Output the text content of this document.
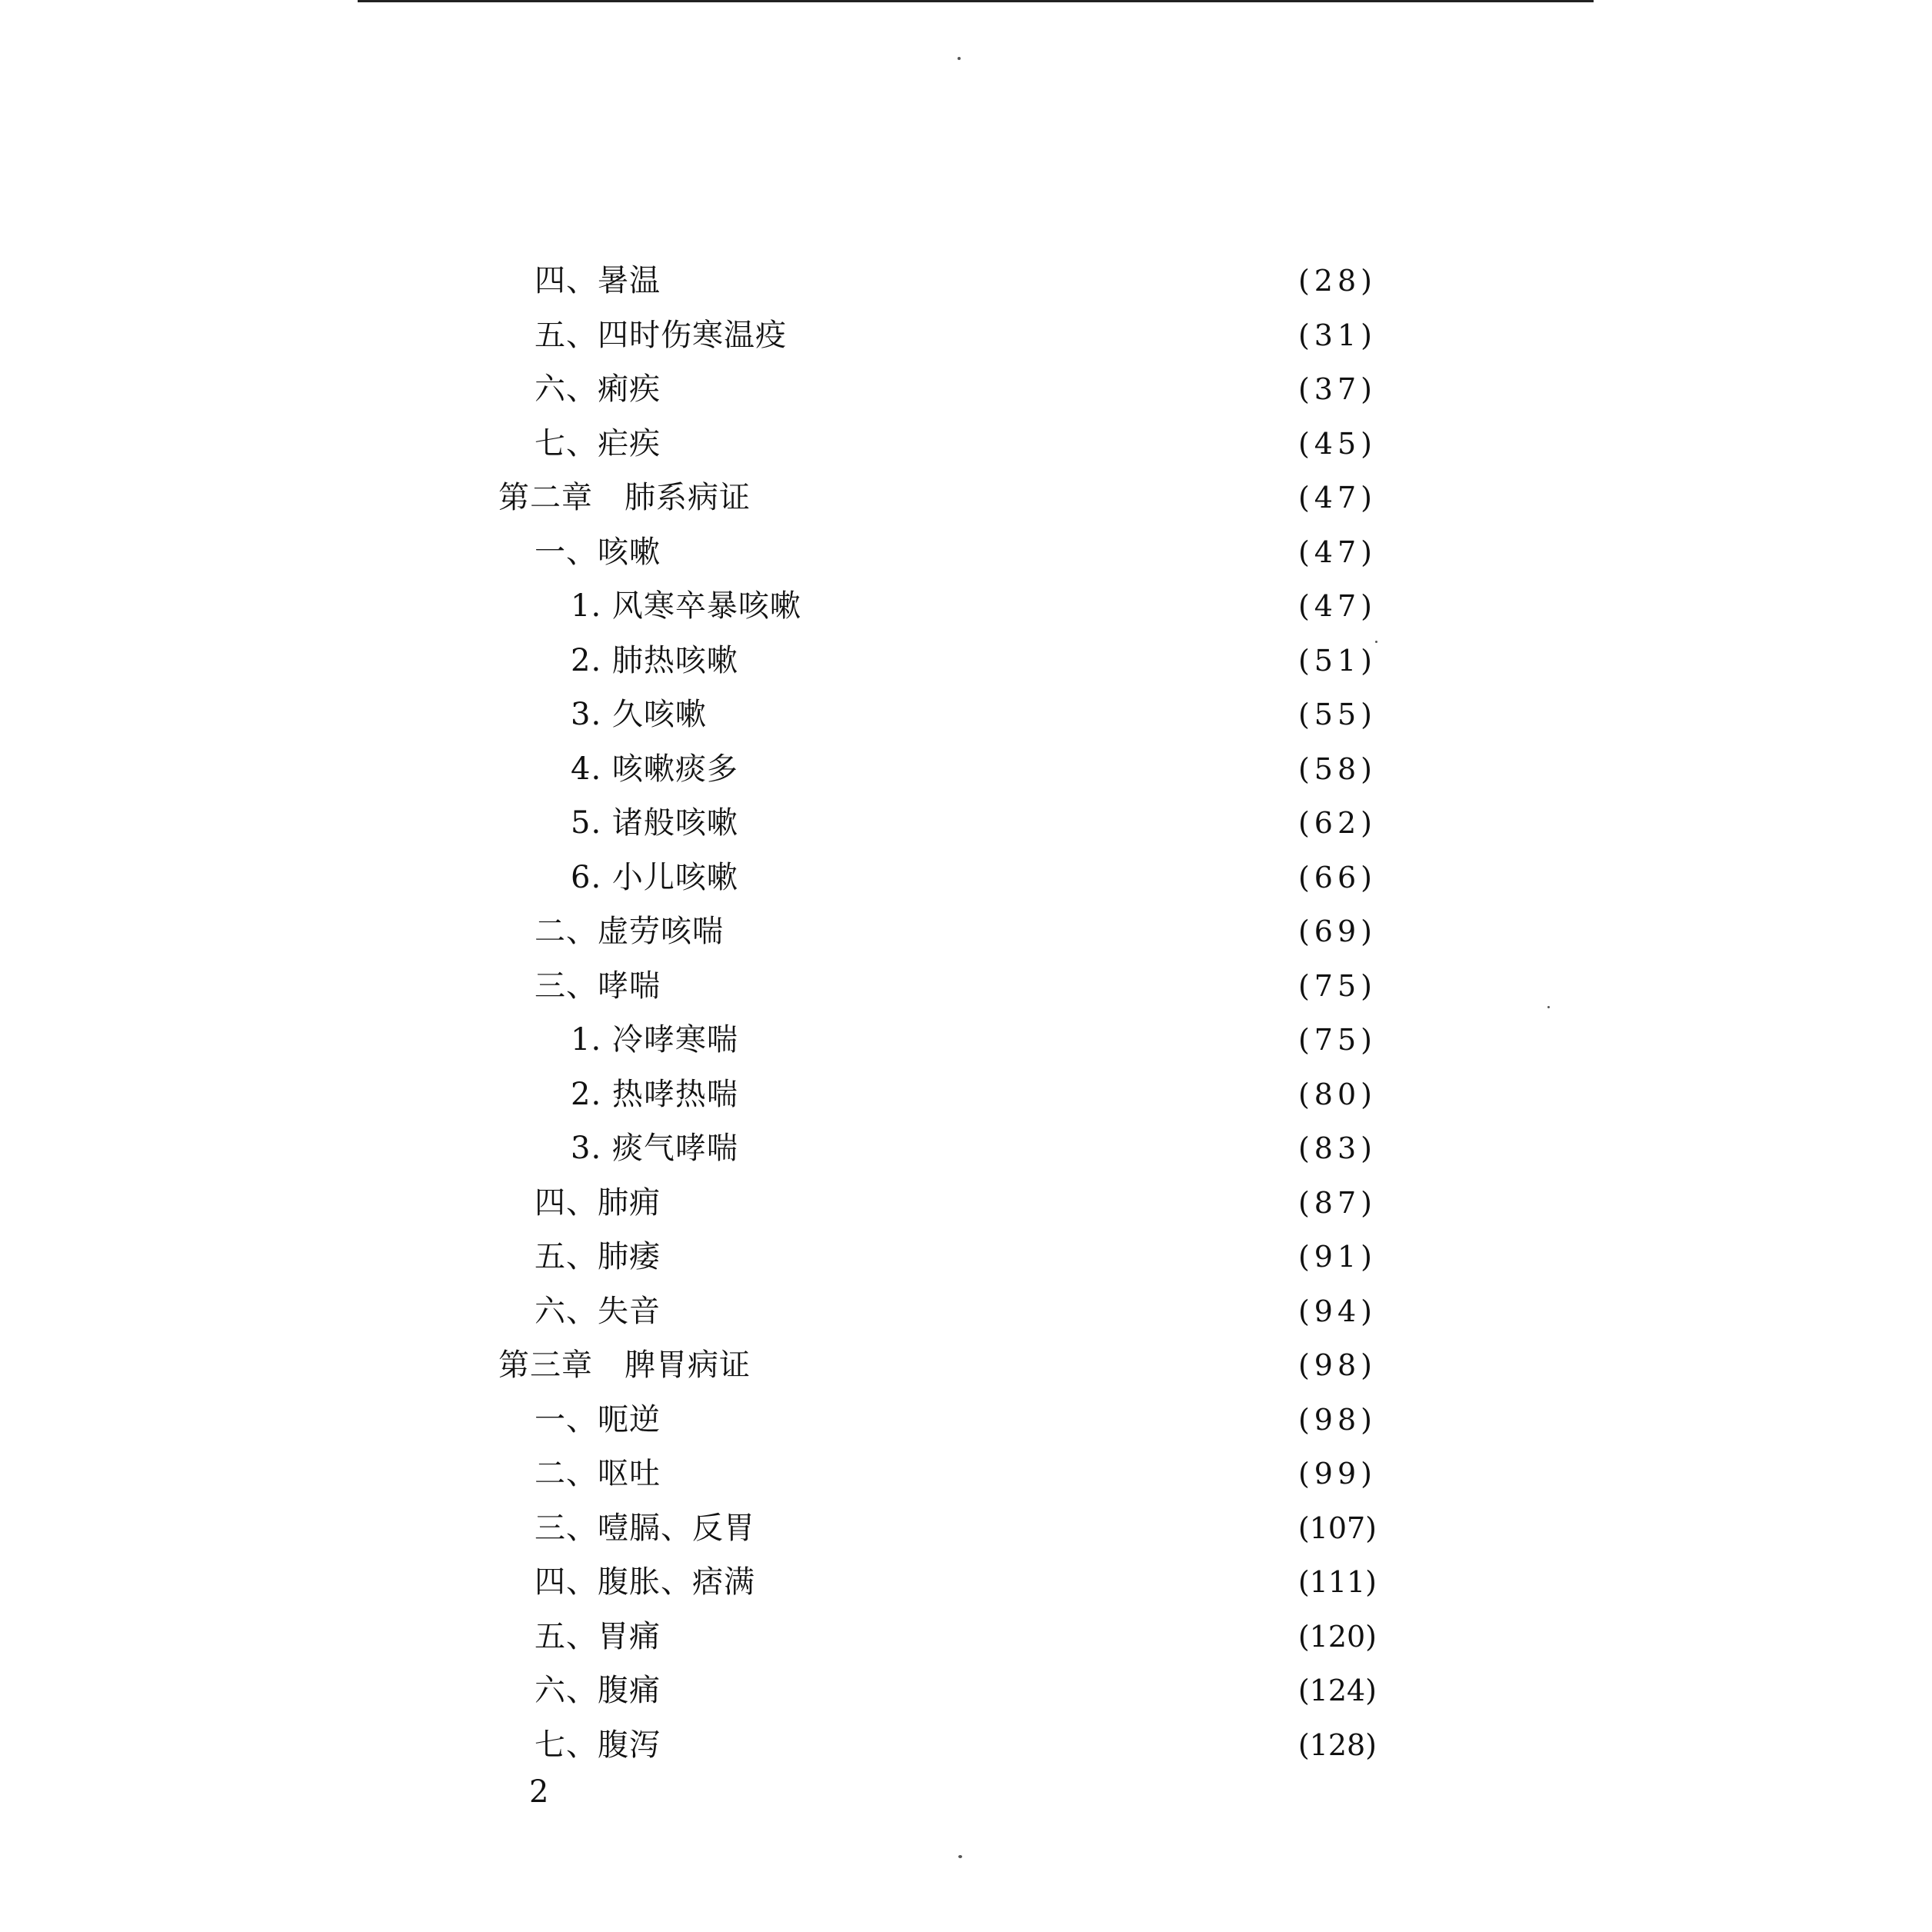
四、暑温	(28)
五、四时伤寒温疫	(31)
六、痢疾	(37)
七、疟疾	(45)
第二章　肺系病证	(47)
一、咳嗽	(47)
1. 风寒卒暴咳嗽	(47)
2. 肺热咳嗽	(51)
3. 久咳嗽	(55)
4. 咳嗽痰多	(58)
5. 诸般咳嗽	(62)
6. 小儿咳嗽	(66)
二、虚劳咳喘	(69)
三、哮喘	(75)
1. 冷哮寒喘	(75)
2. 热哮热喘	(80)
3. 痰气哮喘	(83)
四、肺痈	(87)
五、肺痿	(91)
六、失音	(94)
第三章　脾胃病证	(98)
一、呃逆	(98)
二、呕吐	(99)
三、噎膈、反胃	(107)
四、腹胀、痞满	(111)
五、胃痛	(120)
六、腹痛	(124)
七、腹泻	(128)
2
